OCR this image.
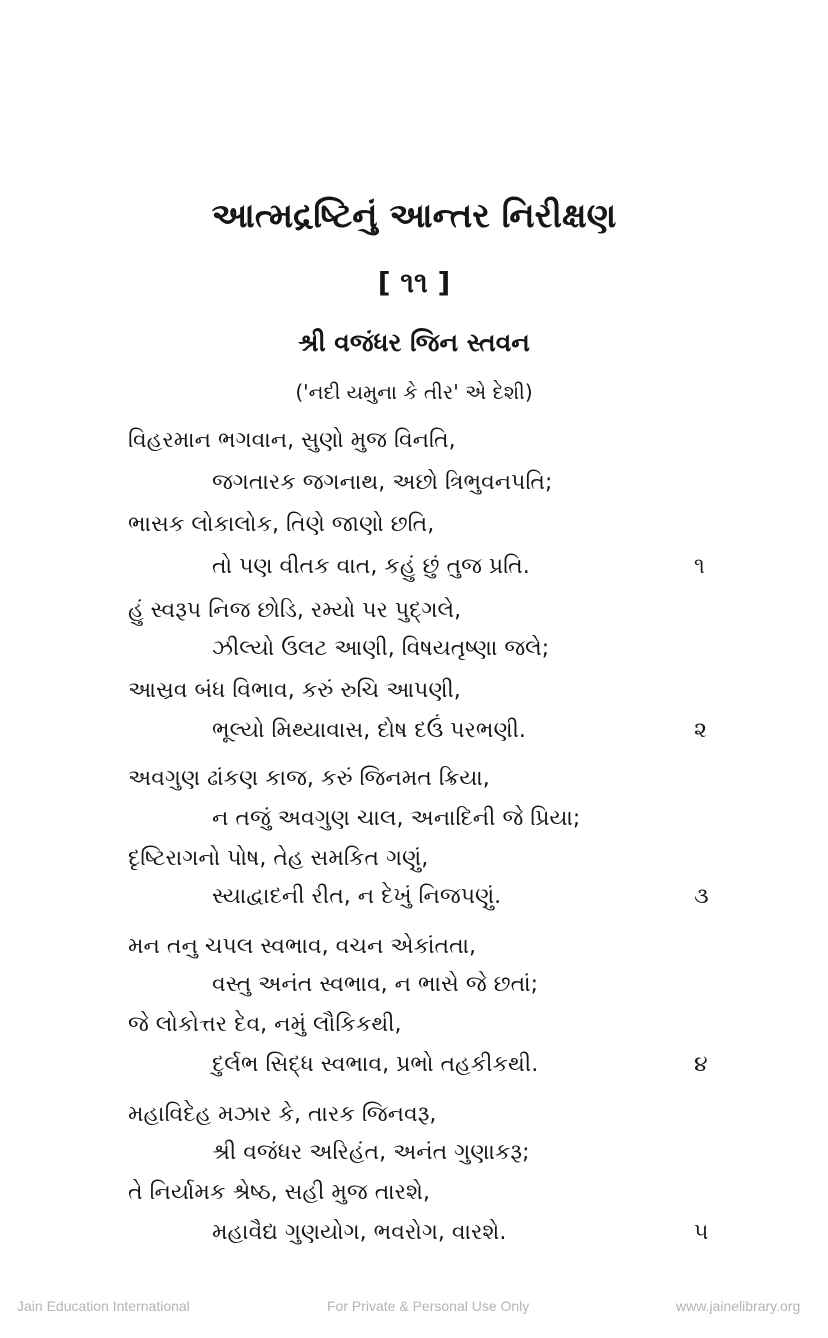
આત્મદ્રષ્ટિનું આન્તર નિરીક્ષણ
[ ૧૧ ]
શ્રી વજંધર જિન સ્તવન
('નદી યમુના કે તીર' એ દેશી)
વિહરમાન ભગવાન, સુણો મુજ વિનતિ,
જગતારક જગનાથ, અછો ત્રિભુવનપતિ;
ભાસક લોકાલોક, તિણે જાણો છતિ,
તો પણ વીતક વાત, કહું છું તુજ પ્રતિ.	૧
હું સ્વરૂપ નિજ છોડિ, રમ્યો પર પુદ્ગલે,
ઝીલ્યો ઉલટ આણી, વિષયતૃષ્ણા જલે;
આસ્રવ બંધ વિભાવ, કરું રુચિ આપણી,
ભૂલ્યો મિથ્યાવાસ, દોષ દઉં પરભણી.	૨
અવગુણ ઢાંકણ કાજ, કરું જિનમત ક્રિયા,
ન તજું અવગુણ ચાલ, અનાદિની જે પ્રિયા;
દૃષ્ટિરાગનો પોષ, તેહ સમકિત ગણું,
સ્યાદ્વાદની રીત, ન દેખું નિજપણું.	૩
મન તનુ ચપલ સ્વભાવ, વચન એકાંતતા,
વસ્તુ અનંત સ્વભાવ, ન ભાસે જે છતાં;
જે લોકોત્તર દેવ, નમું લૌકિકથી,
દુર્લભ સિદ્ધ સ્વભાવ, પ્રભો તહકીકથી.	૪
મહાવિદેહ મઝાર કે, તારક જિનવરૂ,
શ્રી વજંધર અરિહંત, અનંત ગુણાકરૂ;
તે નિર્યામક શ્રેષ્ઠ, સહી મુજ તારશે,
મહાવૈદ્ય ગુણયોગ, ભવરોગ, વારશે.	૫
Jain Education International	For Private & Personal Use Only	www.jainelibrary.org
